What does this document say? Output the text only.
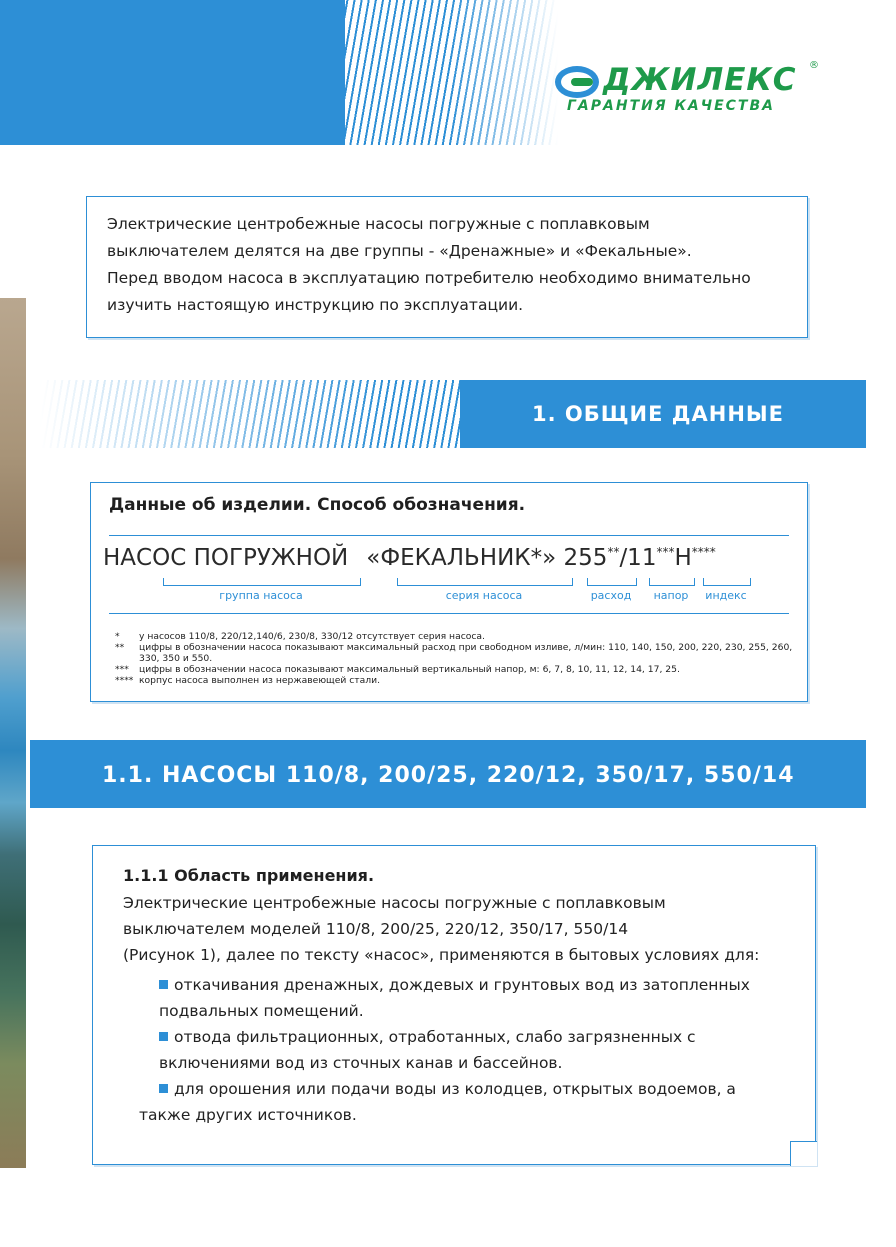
ДЖИЛЕКС ®
ГАРАНТИЯ КАЧЕСТВА

Электрические центробежные насосы погружные с поплавковым

выключателем делятся на две группы - «Дренажные» и «Фекальные».

Перед вводом насоса в эксплуатацию потребителю необходимо внимательно

изучить настоящую инструкцию по эксплуатации.

1. ОБЩИЕ ДАННЫЕ
Данные об изделии. Способ обозначения.
НАСОС ПОГРУЖНОЙ «ФЕКАЛЬНИК*» 255**/11***Н****
группа насоса	серия насоса	расход	напор	индекс
* у насосов 110/8, 220/12,140/6, 230/8, 330/12 отсутствует серия насоса.
** цифры в обозначении насоса показывают максимальный расход при свободном изливе, л/мин: 110, 140, 150, 200, 220, 230, 255, 260, 330, 350 и 550.
*** цифры в обозначении насоса показывают максимальный вертикальный напор, м: 6, 7, 8, 10, 11, 12, 14, 17, 25.
**** корпус насоса выполнен из нержавеющей стали.
1.1. НАСОСЫ 110/8, 200/25, 220/12, 350/17, 550/14
1.1.1 Область применения.
Электрические центробежные насосы погружные с поплавковым
выключателем моделей 110/8, 200/25, 220/12, 350/17, 550/14
(Рисунок 1), далее по тексту «насос», применяются в бытовых условиях для:
откачивания дренажных, дождевых и грунтовых вод из затопленных
подвальных помещений.
отвода фильтрационных, отработанных, слабо загрязненных с
включениями вод из сточных канав и бассейнов.
для орошения или подачи воды из колодцев, открытых водоемов, а
также других источников.
